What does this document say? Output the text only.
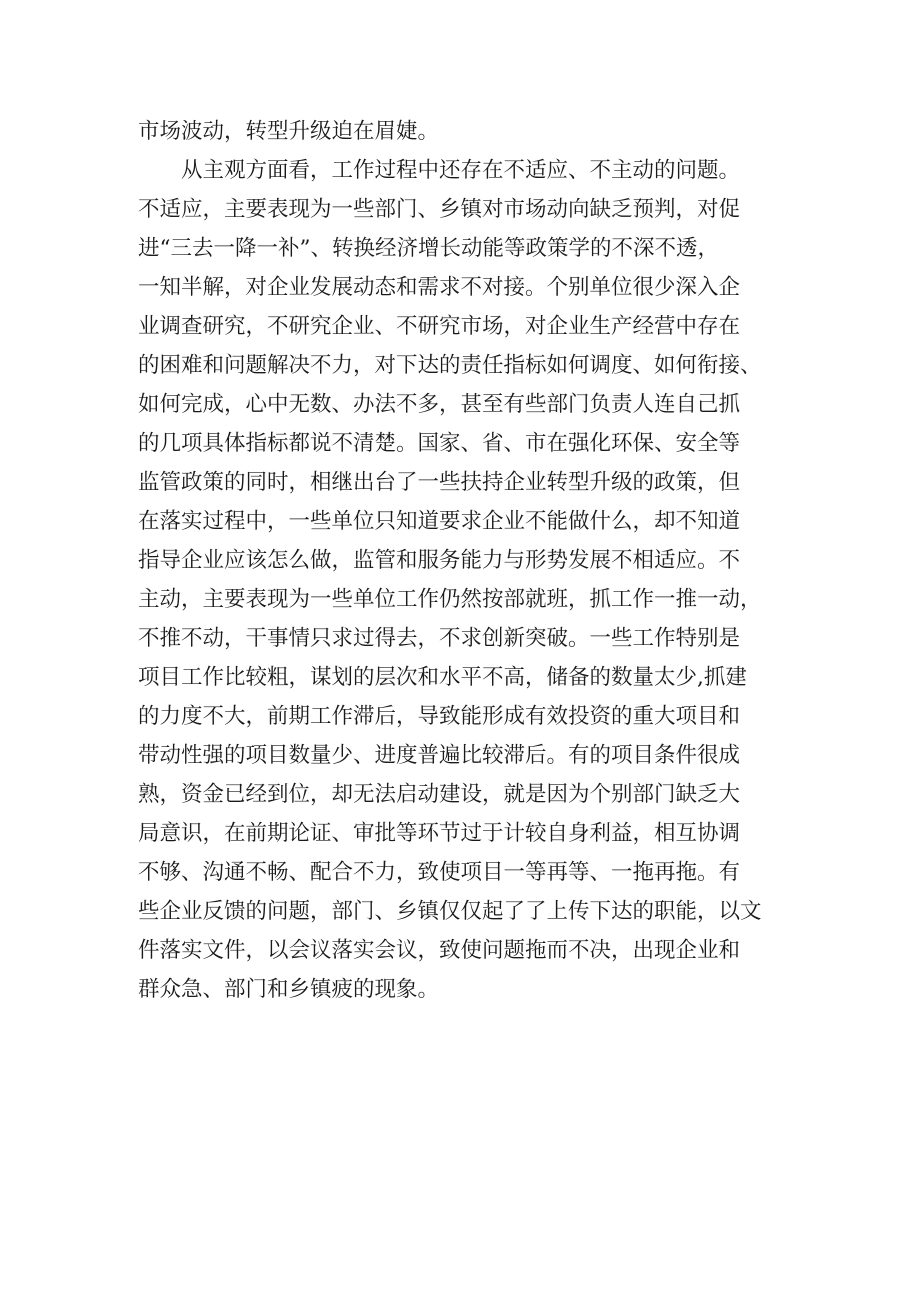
市场波动，转型升级迫在眉婕。
　　从主观方面看，工作过程中还存在不适应、不主动的问题。
不适应，主要表现为一些部门、乡镇对市场动向缺乏预判，对促
进“三去一降一补”、转换经济增长动能等政策学的不深不透，
一知半解，对企业发展动态和需求不对接。个别单位很少深入企
业调查研究，不研究企业、不研究市场，对企业生产经营中存在
的困难和问题解决不力，对下达的责任指标如何调度、如何衔接、
如何完成，心中无数、办法不多，甚至有些部门负责人连自己抓
的几项具体指标都说不清楚。国家、省、市在强化环保、安全等
监管政策的同时，相继出台了一些扶持企业转型升级的政策，但
在落实过程中，一些单位只知道要求企业不能做什么，却不知道
指导企业应该怎么做，监管和服务能力与形势发展不相适应。不
主动，主要表现为一些单位工作仍然按部就班，抓工作一推一动，
不推不动，干事情只求过得去，不求创新突破。一些工作特别是
项目工作比较粗，谋划的层次和水平不高，储备的数量太少,抓建
的力度不大，前期工作滞后，导致能形成有效投资的重大项目和
带动性强的项目数量少、进度普遍比较滞后。有的项目条件很成
熟，资金已经到位，却无法启动建设，就是因为个别部门缺乏大
局意识，在前期论证、审批等环节过于计较自身利益，相互协调
不够、沟通不畅、配合不力，致使项目一等再等、一拖再拖。有
些企业反馈的问题，部门、乡镇仅仅起了了上传下达的职能，以文
件落实文件，以会议落实会议，致使问题拖而不决，出现企业和
群众急、部门和乡镇疲的现象。
